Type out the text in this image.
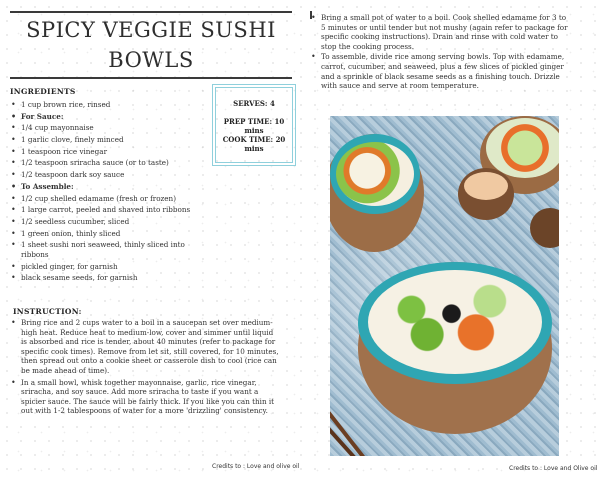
SPICY VEGGIE SUSHI BOWLS
INGREDIENTS
• 1 cup brown rice, rinsed
• For Sauce:
• 1/4 cup mayonnaise
• 1 garlic clove, finely minced
• 1 teaspoon rice vinegar
• 1/2 teaspoon sriracha sauce (or to taste)
• 1/2 teaspoon dark soy sauce
• To Assemble:
• 1/2 cup shelled edamame (fresh or frozen)
• 1 large carrot, peeled and shaved into ribbons
• 1/2 seedless cucumber, sliced
• 1 green onion, thinly sliced
• 1 sheet sushi nori seaweed, thinly sliced into ribbons
• pickled ginger, for garnish
• black sesame seeds, for garnish
SERVES: 4
PREP TIME: 10 mins
COOK TIME: 20 mins
INSTRUCTION:
• Bring rice and 2 cups water to a boil in a saucepan set over medium-high heat. Reduce heat to medium-low, cover and simmer until liquid is absorbed and rice is tender, about 40 minutes (refer to package for specific cook times). Remove from let sit, still covered, for 10 minutes, then spread out onto a cookie sheet or casserole dish to cool (rice can be made ahead of time).
• In a small bowl, whisk together mayonnaise, garlic, rice vinegar, sriracha, and soy sauce. Add more sriracha to taste if you want a spicier sauce. The sauce will be fairly thick. If you like you can thin it out with 1-2 tablespoons of water for a more 'drizzling' consistency.
• Bring a small pot of water to a boil. Cook shelled edamame for 3 to 5 minutes or until tender but not mushy (again refer to package for specific cooking instructions). Drain and rinse with cold water to stop the cooking process.
• To assemble, divide rice among serving bowls. Top with edamame, carrot, cucumber, and seaweed, plus a few slices of pickled ginger and a sprinkle of black sesame seeds as a finishing touch. Drizzle with sauce and serve at room temperature.
Credits to : Love and olive oil	Credits to : Love and Olive oil
